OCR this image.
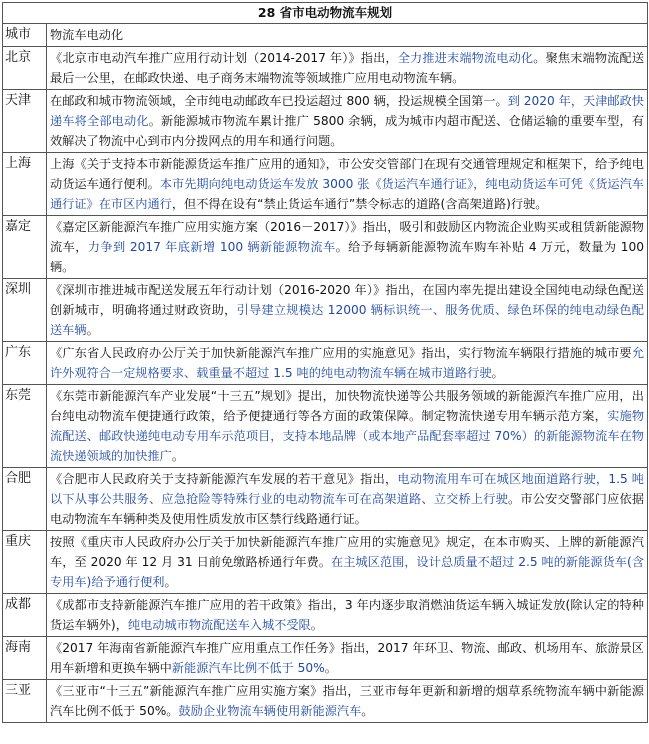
28 省市电动物流车规划	
城市	物流车电动化
北京	《北京市电动汽车推广应用行动计划（2014-2017 年）》指出，全力推进末端物流电动化。聚焦末端物流配送最后一公里，在邮政快递、电子商务末端物流等领域推广应用电动物流车辆。
天津	在邮政和城市物流领域，全市纯电动邮政车已投运超过 800 辆，投运规模全国第一。到 2020 年，天津邮政快递车将全部电动化。新能源城市物流车累计推广 5800 余辆，成为城市内超市配送、仓储运输的重要车型，有效解决了物流中心到市内分拨网点的用车和通行问题。
上海	上海《关于支持本市新能源货运车推广应用的通知》，市公安交管部门在现有交通管理规定和框架下，给予纯电动货运车通行便利。本市先期向纯电动货运车发放 3000 张《货运汽车通行证》，纯电动货运车可凭《货运汽车通行证》在市区内通行，但不得在设有“禁止货运车通行”禁令标志的道路(含高架道路)行驶。
嘉定	《嘉定区新能源汽车推广应用实施方案（2016－2017）》指出，吸引和鼓励区内物流企业购买或租赁新能源物流车，力争到 2017 年底新增 100 辆新能源物流车。给予每辆新能源物流车购车补贴 4 万元，数量为 100 辆。
深圳	《深圳市推进城市配送发展五年行动计划（2016-2020 年）》指出，在国内率先提出建设全国纯电动绿色配送创新城市，明确将通过财政资助，引导建立规模达 12000 辆标识统一、服务优质、绿色环保的纯电动绿色配送车辆。
广东	《广东省人民政府办公厅关于加快新能源汽车推广应用的实施意见》指出，实行物流车辆限行措施的城市要允许外观符合一定规格要求、载重量不超过 1.5 吨的纯电动物流车辆在城市道路行驶。
东莞	《东莞市新能源汽车产业发展“十三五”规划》提出，加快物流快递等公共服务领域的新能源汽车推广应用，出台纯电动物流车便捷通行政策，给予便捷通行等各方面的政策保障。制定物流快递专用车辆示范方案，实施物流配送、邮政快递纯电动专用车示范项目，支持本地品牌（或本地产品配套率超过 70%）的新能源物流车在物流快递领域的加快推广。
合肥	《合肥市人民政府关于支持新能源汽车发展的若干意见》指出，电动物流用车可在城区地面道路行驶，1.5 吨以下从事公共服务、应急抢险等特殊行业的电动物流车可在高架道路、立交桥上行驶。市公安交警部门应依据电动物流车车辆种类及使用性质发放市区禁行线路通行证。
重庆	按照《重庆市人民政府办公厅关于加快新能源汽车推广应用的实施意见》规定，在本市购买、上牌的新能源汽车，至 2020 年 12 月 31 日前免缴路桥通行年费。在主城区范围，设计总质量不超过 2.5 吨的新能源货车(含专用车)给予通行便利。
成都	《成都市支持新能源汽车推广应用的若干政策》指出，3 年内逐步取消燃油货运车辆入城证发放(除认定的特种货运车辆外)，纯电动城市物流配送车入城不受限。
海南	《2017 年海南省新能源汽车推广应用重点工作任务》指出，2017 年环卫、物流、邮政、机场用车、旅游景区用车新增和更换车辆中新能源汽车比例不低于 50%。
三亚	《三亚市“十三五”新能源汽车推广应用实施方案》指出，三亚市每年更新和新增的烟草系统物流车辆中新能源汽车比例不低于 50%。鼓励企业物流车辆使用新能源汽车。
